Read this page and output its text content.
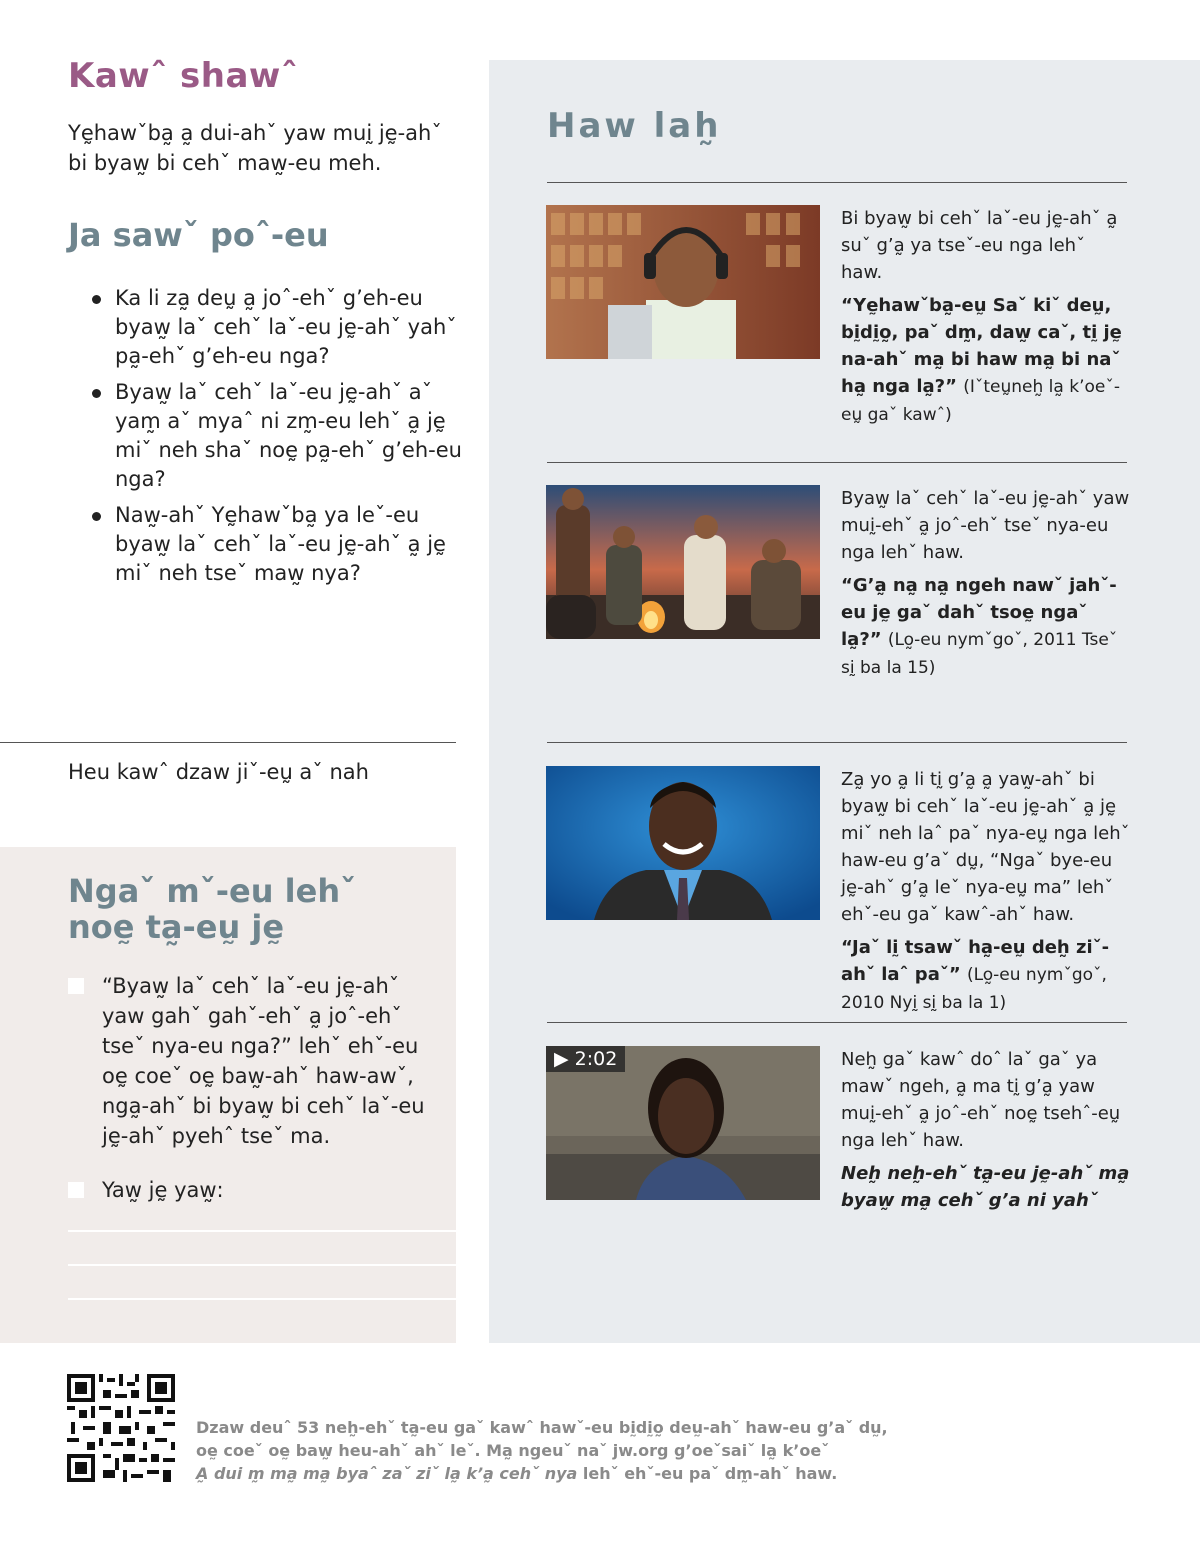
Kawˆ shawˆ

Yḛhawˇba̰ a̰ dui-ahˇ yaw muḭ jḛ-ahˇ bi byaw̰ bi cehˇ maw̰-eu meh.

Ja sawˇ poˆ-eu
Ka li za̰ deṵ a̰ joˆ-ehˇ g’eh-eu byaw̰ laˇ cehˇ laˇ-eu jḛ-ahˇ yahˇ pa̰-ehˇ g’eh-eu nga?
Byaw̰ laˇ cehˇ laˇ-eu jḛ-ahˇ aˇ yam̰ aˇ myaˆ ni zm̰-eu lehˇ a̰ jḛ miˇ neh shaˇ noḛ pa̰-ehˇ g’eh-eu nga?
Naw̰-ahˇ Yḛhawˇba̰ ya leˇ-eu byaw̰ laˇ cehˇ laˇ-eu jḛ-ahˇ a̰ jḛ miˇ neh tseˇ maw̰ nya?

Heu kawˆ dzaw jiˇ-eṵ aˇ nah

Ngaˇ mˇ-eu lehˇ noḛ ta̰-eṵ jḛ
“Byaw̰ laˇ cehˇ laˇ-eu jḛ-ahˇ yaw gahˇ gahˇ-ehˇ a̰ joˆ-ehˇ tseˇ nya-eu nga?” lehˇ ehˇ-eu oḛ coeˇ oḛ baw̰-ahˇ haw-awˇ, nga̰-ahˇ bi byaw̰ bi cehˇ laˇ-eu jḛ-ahˇ pyehˆ tseˇ ma.
Yaw̰ jḛ yaw̰:
Haw lah̰
Bi byaw̰ bi cehˇ laˇ-eu jḛ-ahˇ a̰ suˇ g’a̰ ya tseˇ-eu nga lehˇ haw.
“Yḛhawˇba̰-eṵ Saˇ kiˇ deṵ, bḭdḭo̰, paˇ dm̰, daw̰ caˇ, tḭ jḛ na-ahˇ ma̰ bi haw ma̰ bi naˇ ha̰ nga la̰?” (Iˇteṵneh̰ la̰ k’oeˇ-eṵ gaˇ kawˆ)
Byaw̰ laˇ cehˇ laˇ-eu jḛ-ahˇ yaw muḭ-ehˇ a̰ joˆ-ehˇ tseˇ nya-eu nga lehˇ haw.
“G’a̰ na̰ na̰ ngeh nawˇ jahˇ-eu jḛ gaˇ dahˇ tsoḛ ngaˇ la̰?” (Lo̰-eu nymˇgoˇ, 2011 Tseˇ sḭ ba la 15)
Za̰ yo a̰ li tḭ g’a̰ a̰ yaw̰-ahˇ bi byaw̰ bi cehˇ laˇ-eu jḛ-ahˇ a̰ jḛ miˇ neh laˆ paˇ nya-eṵ nga lehˇ haw-eu g’aˇ dṵ, “Ngaˇ bye-eu jḛ-ahˇ g’a̰ leˇ nya-eṵ ma” lehˇ ehˇ-eu gaˇ kawˆ-ahˇ haw.
“Jaˇ lḭ tsawˇ ha̰-eṵ deh̰ ziˇ-ahˇ laˆ paˇ” (Lo̰-eu nymˇgoˇ, 2010 Nyḭ sḭ ba la 1)
▶ 2:02	Neh̰ gaˇ kawˆ doˆ laˇ gaˇ ya mawˇ ngeh, a̰ ma tḭ g’a̰ yaw muḭ-ehˇ a̰ joˆ-ehˇ noḛ tsehˆ-eṵ nga lehˇ haw.
Neh̰ neh̰-ehˇ ta̰-eu jḛ-ahˇ ma̰ byaw̰ ma̰ cehˇ g’a ni yahˇ
Dzaw deuˆ 53 neh̰-ehˇ ta̰-eu gaˇ kawˆ hawˇ-eu bḭdḭo̰ deṵ-ahˇ haw-eu g’aˇ dṵ,
oḛ coeˇ oḛ baw̰ heu-ahˇ ahˇ leˇ. Ma̰ ngeuˇ naˇ jw.org g’oeˇsaiˇ la̰ k’oeˇ
A̰ dui m̰ ma̰ ma̰ byaˆ zaˇ ziˇ la̰ k’a̰ cehˇ nya lehˇ ehˇ-eu paˇ dm̰-ahˇ haw.
